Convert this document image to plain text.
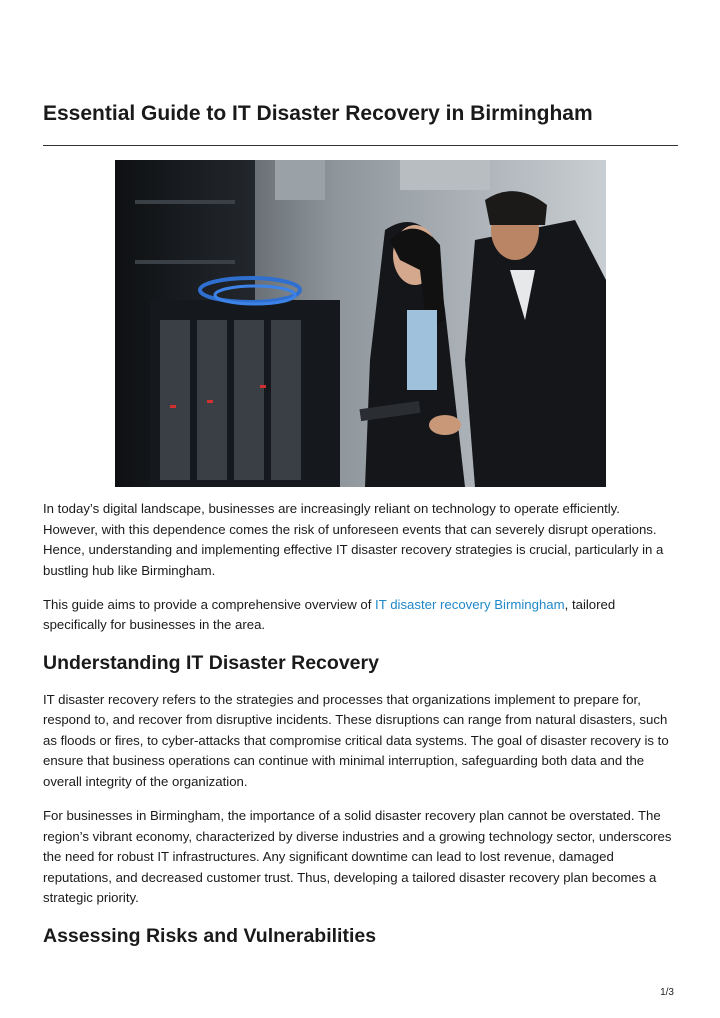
Essential Guide to IT Disaster Recovery in Birmingham

In today’s digital landscape, businesses are increasingly reliant on technology to operate efficiently. However, with this dependence comes the risk of unforeseen events that can severely disrupt operations. Hence, understanding and implementing effective IT disaster recovery strategies is crucial, particularly in a bustling hub like Birmingham.

This guide aims to provide a comprehensive overview of IT disaster recovery Birmingham, tailored specifically for businesses in the area.

Understanding IT Disaster Recovery

IT disaster recovery refers to the strategies and processes that organizations implement to prepare for, respond to, and recover from disruptive incidents. These disruptions can range from natural disasters, such as floods or fires, to cyber-attacks that compromise critical data systems. The goal of disaster recovery is to ensure that business operations can continue with minimal interruption, safeguarding both data and the overall integrity of the organization.

For businesses in Birmingham, the importance of a solid disaster recovery plan cannot be overstated. The region’s vibrant economy, characterized by diverse industries and a growing technology sector, underscores the need for robust IT infrastructures. Any significant downtime can lead to lost revenue, damaged reputations, and decreased customer trust. Thus, developing a tailored disaster recovery plan becomes a strategic priority.

Assessing Risks and Vulnerabilities
1/3
